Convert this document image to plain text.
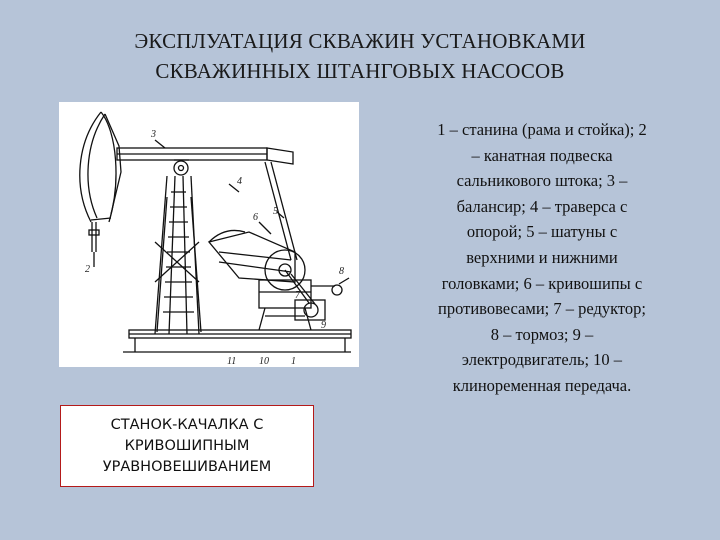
ЭКСПЛУАТАЦИЯ СКВАЖИН УСТАНОВКАМИ
СКВАЖИННЫХ ШТАНГОВЫХ НАСОСОВ
3
4
5
6
2
7
8
9
10
11	1
1 – станина (рама и стойка); 2
– канатная подвеска
сальникового штока; 3 –
балансир; 4 – траверса с
опорой; 5 – шатуны с
верхними и нижними
головками; 6 – кривошипы с
противовесами; 7 – редуктор;
8 – тормоз; 9 –
электродвигатель; 10 –
клиноременная передача.
СТАНОК-КАЧАЛКА С
КРИВОШИПНЫМ
УРАВНОВЕШИВАНИЕМ
